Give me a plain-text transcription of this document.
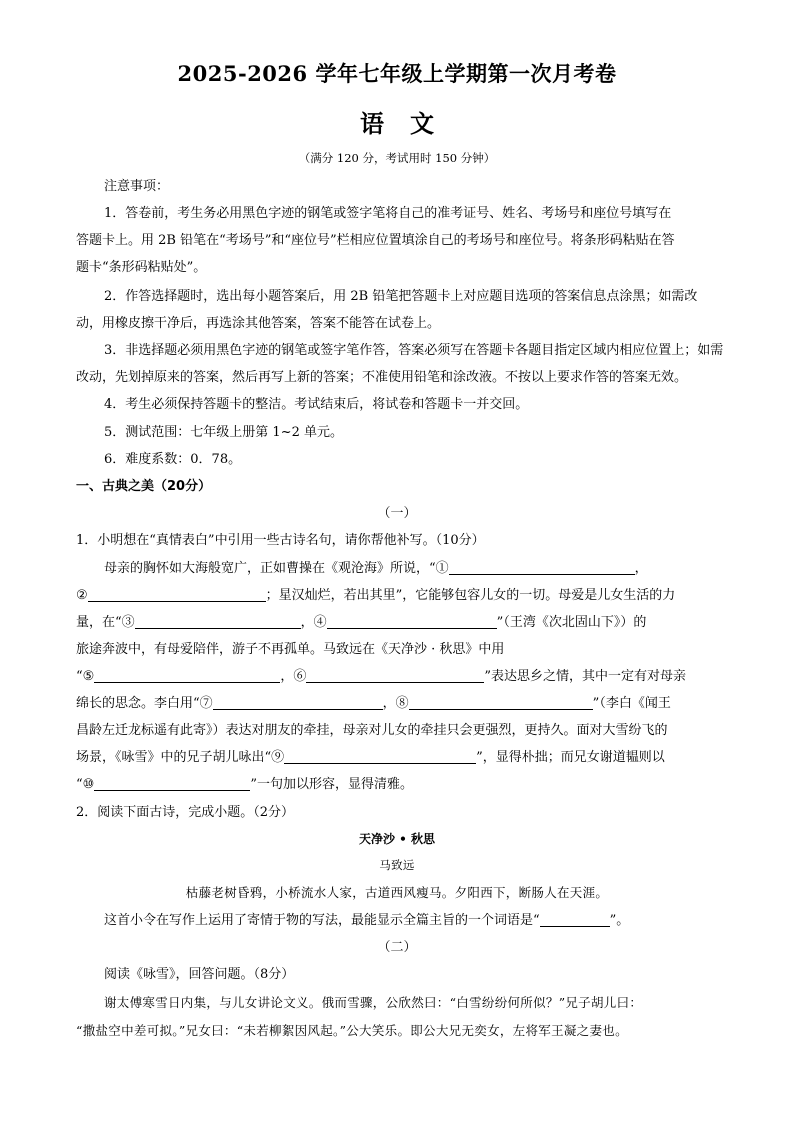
2025-2026 学年七年级上学期第一次月考卷
语文
（满分 120 分，考试用时 150 分钟）
注意事项：
1．答卷前，考生务必用黑色字迹的钢笔或签字笔将自己的准考证号、姓名、考场号和座位号填写在
答题卡上。用 2B 铅笔在“考场号”和“座位号”栏相应位置填涂自己的考场号和座位号。将条形码粘贴在答
题卡“条形码粘贴处”。
2．作答选择题时，选出每小题答案后，用 2B 铅笔把答题卡上对应题目选项的答案信息点涂黑；如需改
动，用橡皮擦干净后，再选涂其他答案，答案不能答在试卷上。
3．非选择题必须用黑色字迹的钢笔或签字笔作答，答案必须写在答题卡各题目指定区域内相应位置上；如需
改动，先划掉原来的答案，然后再写上新的答案；不准使用铅笔和涂改液。不按以上要求作答的答案无效。
4．考生必须保持答题卡的整洁。考试结束后，将试卷和答题卡一并交回。
5．测试范围：七年级上册第 1~2 单元。
6．难度系数：0．78。
一、古典之美（20分）
（一）
1．小明想在“真情表白”中引用一些古诗名句，请你帮他补写。（10分）
母亲的胸怀如大海般宽广，正如曹操在《观沧海》所说，“①	，
②	；星汉灿烂，若出其里”，它能够包容儿女的一切。母爱是儿女生活的力
量，在“③	，④	”（王湾《次北固山下》）的
旅途奔波中，有母爱陪伴，游子不再孤单。马致远在《天净沙 · 秋思》中用
“⑤	，⑥	”表达思乡之情，其中一定有对母亲
绵长的思念。李白用“⑦	，⑧	”（李白《闻王
昌龄左迁龙标遥有此寄》）表达对朋友的牵挂，母亲对儿女的牵挂只会更强烈，更持久。面对大雪纷飞的
场景，《咏雪》中的兄子胡儿咏出“⑨	”，显得朴拙；而兄女谢道韫则以
“⑩	”一句加以形容，显得清雅。
2．阅读下面古诗，完成小题。（2分）
天净沙 • 秋思
马致远
枯藤老树昏鸦，小桥流水人家，古道西风瘦马。夕阳西下，断肠人在天涯。
这首小令在写作上运用了寄情于物的写法，最能显示全篇主旨的一个词语是“	”。
（二）
阅读《咏雪》，回答问题。（8分）
谢太傅寒雪日内集，与儿女讲论文义。俄而雪骤，公欣然曰：“白雪纷纷何所似？”兄子胡儿曰：
“撒盐空中差可拟。”兄女曰：“未若柳絮因风起。”公大笑乐。即公大兄无奕女，左将军王凝之妻也。
